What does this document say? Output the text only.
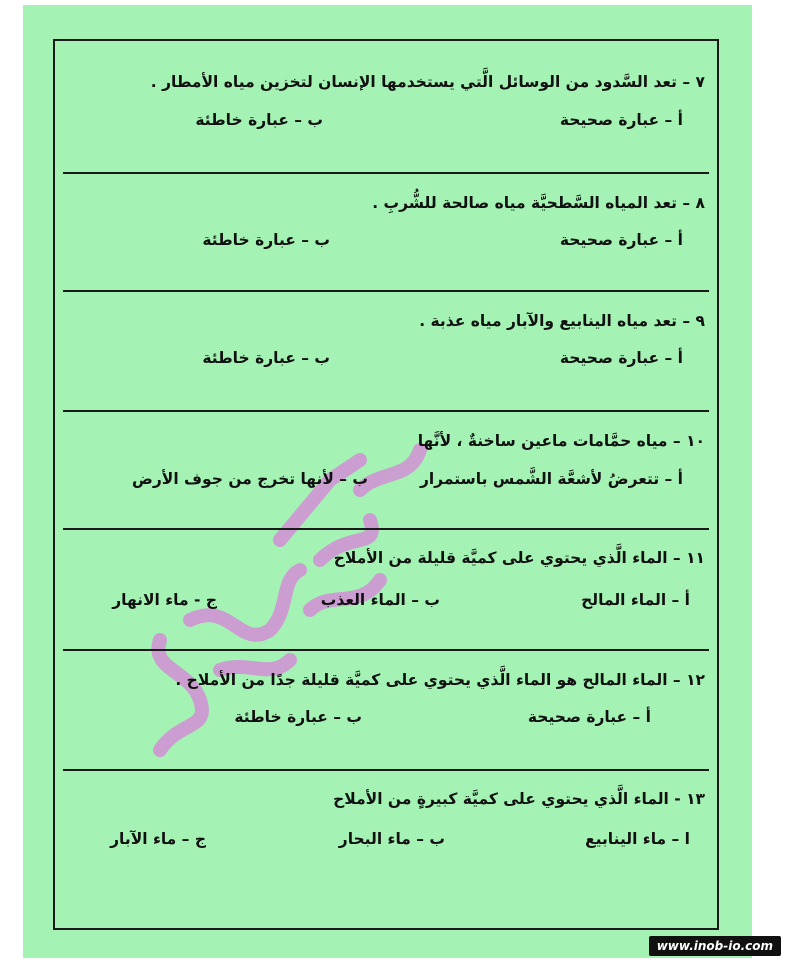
٧ – تعد السَّدود من الوسائل الَّتي يستخدمها الإنسان لتخزين مياه الأمطار .
أ – عبارة صحيحة
ب – عبارة خاطئة
٨ – تعد المياه السَّطحيَّة مياه صالحة للشُّربِ .
أ – عبارة صحيحة
ب – عبارة خاطئة
٩ – تعد مياه الينابيع والآبار مياه عذبة .
أ – عبارة صحيحة
ب – عبارة خاطئة
١٠ – مياه حمَّامات ماعين ساخنةٌ ، لأنَّها
أ – تتعرضُ لأشعَّة الشَّمس باستمرار
ب – لأنها تخرج من جوف الأرض
١١ – الماء الَّذي يحتوي على كميَّة قليلة من الأملاح
أ – الماء المالح
ب – الماء العذب
ج - ماء الانهار
١٢ – الماء المالح هو الماء الَّذي يحتوي على كميَّة قليلة جدًا من الأملاح .
أ – عبارة صحيحة
ب – عبارة خاطئة
١٣ - الماء الَّذي يحتوي على كميَّة كبيرةٍ من الأملاح
ا – ماء الينابيع
ب – ماء البحار
ج – ماء الآبار
www.inob-io.com
